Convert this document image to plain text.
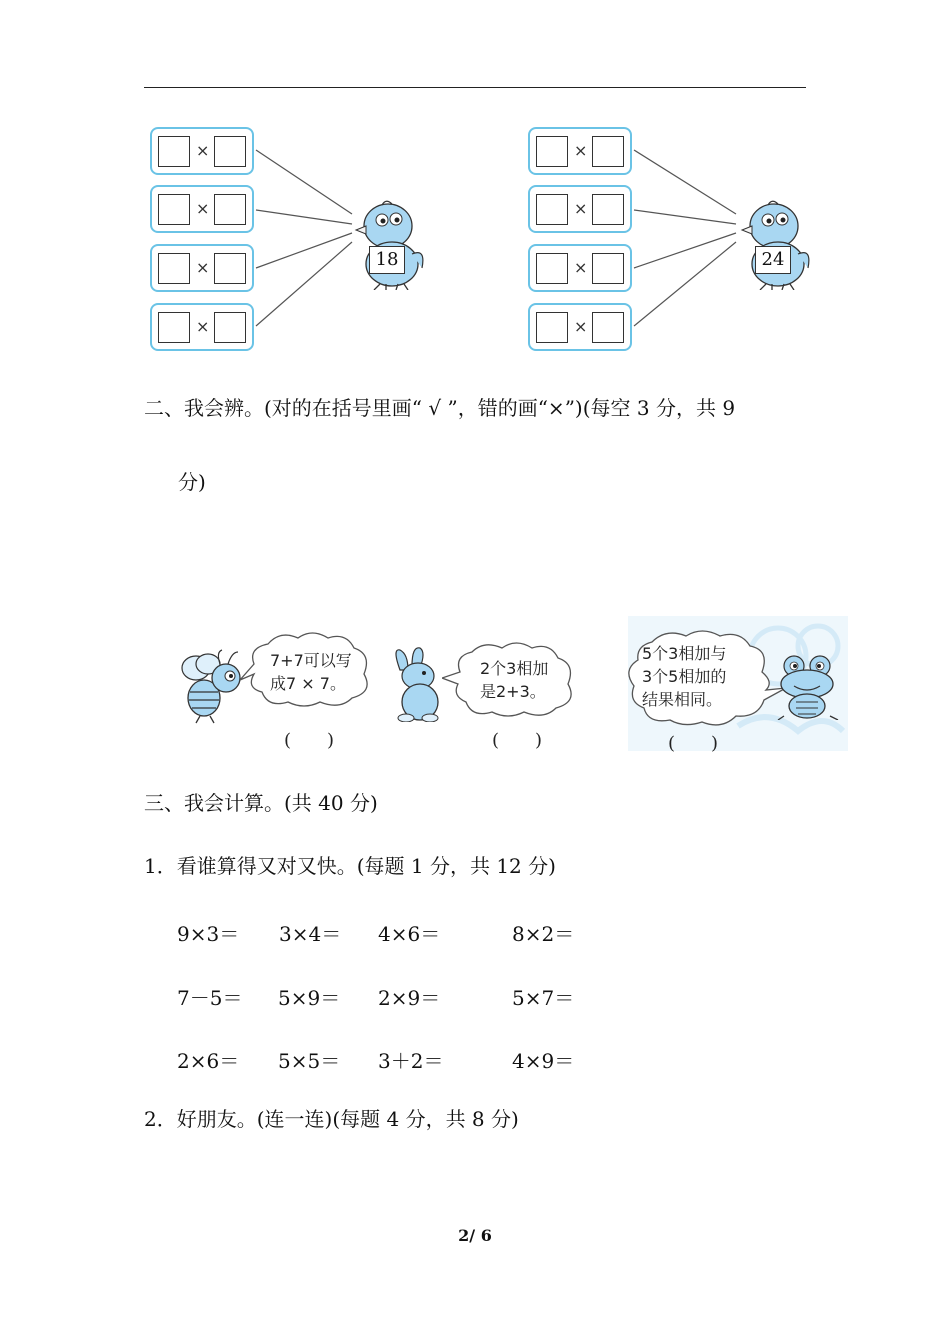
×
×
×
×
18
×
×
×
×
24
二、我会辨。(对的在括号里画“ √ ”，错的画“×”)(每空 3 分，共 9
分)
7+7可以写
成7 × 7。
(　　)
2个3相加
是2+3。
(　　)
5个3相加与
3个5相加的
结果相同。
(　　)
三、我会计算。(共 40 分)
1．看谁算得又对又快。(每题 1 分，共 12 分)
9×3＝ 3×4＝ 4×6＝	8×2＝
7－5＝ 5×9＝ 2×9＝	5×7＝
2×6＝ 5×5＝ 3＋2＝	4×9＝
2．好朋友。(连一连)(每题 4 分，共 8 分)
2/ 6
